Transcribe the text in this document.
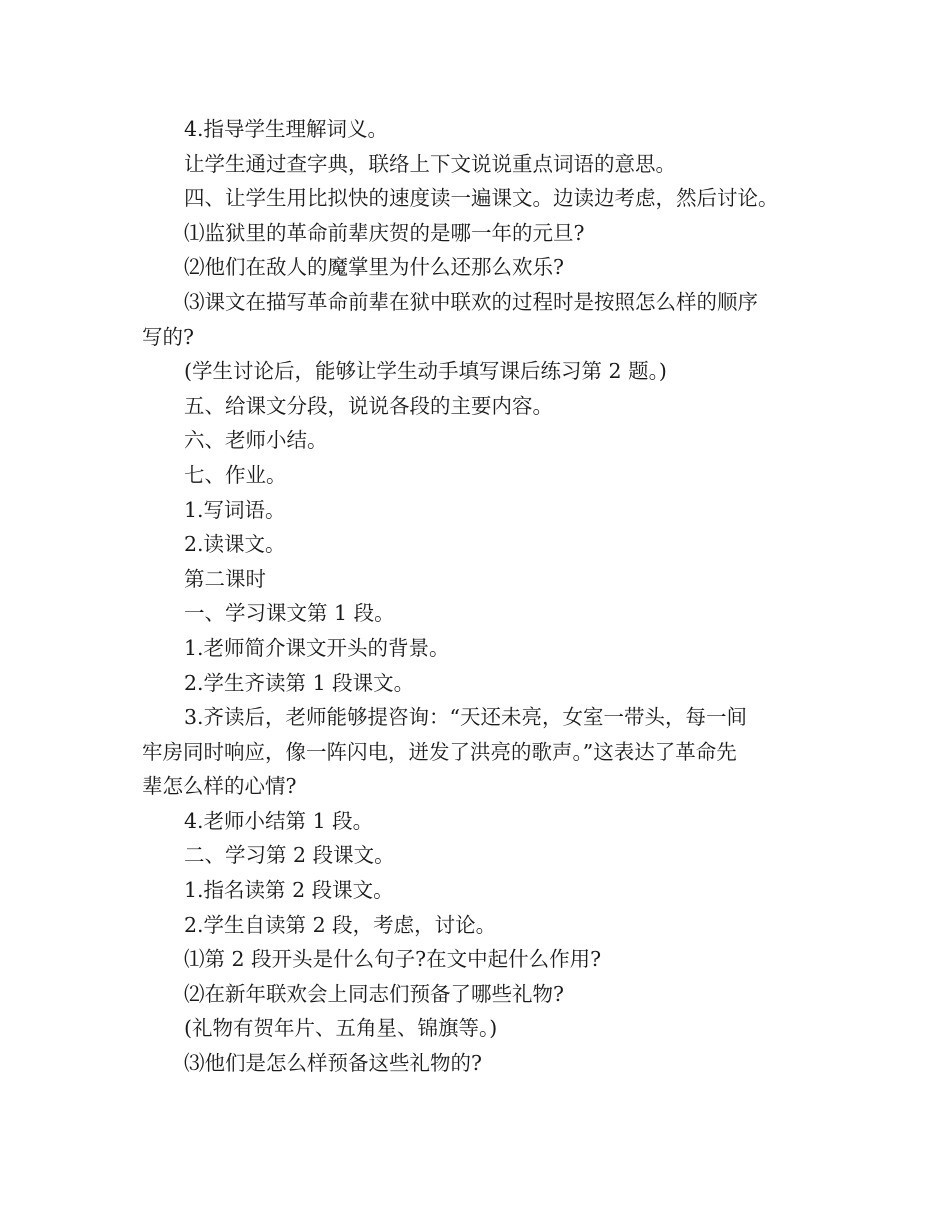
4.指导学生理解词义。
让学生通过查字典，联络上下文说说重点词语的意思。
四、让学生用比拟快的速度读一遍课文。边读边考虑，然后讨论。
⑴监狱里的革命前辈庆贺的是哪一年的元旦?
⑵他们在敌人的魔掌里为什么还那么欢乐?
⑶课文在描写革命前辈在狱中联欢的过程时是按照怎么样的顺序
写的?
(学生讨论后，能够让学生动手填写课后练习第 2 题。)
五、给课文分段，说说各段的主要内容。
六、老师小结。
七、作业。
1.写词语。
2.读课文。
第二课时
一、学习课文第 1 段。
1.老师简介课文开头的背景。
2.学生齐读第 1 段课文。
3.齐读后，老师能够提咨询：“天还未亮，女室一带头，每一间
牢房同时响应，像一阵闪电，迸发了洪亮的歌声。”这表达了革命先
辈怎么样的心情?
4.老师小结第 1 段。
二、学习第 2 段课文。
1.指名读第 2 段课文。
2.学生自读第 2 段，考虑，讨论。
⑴第 2 段开头是什么句子?在文中起什么作用?
⑵在新年联欢会上同志们预备了哪些礼物?
(礼物有贺年片、五角星、锦旗等。)
⑶他们是怎么样预备这些礼物的?
